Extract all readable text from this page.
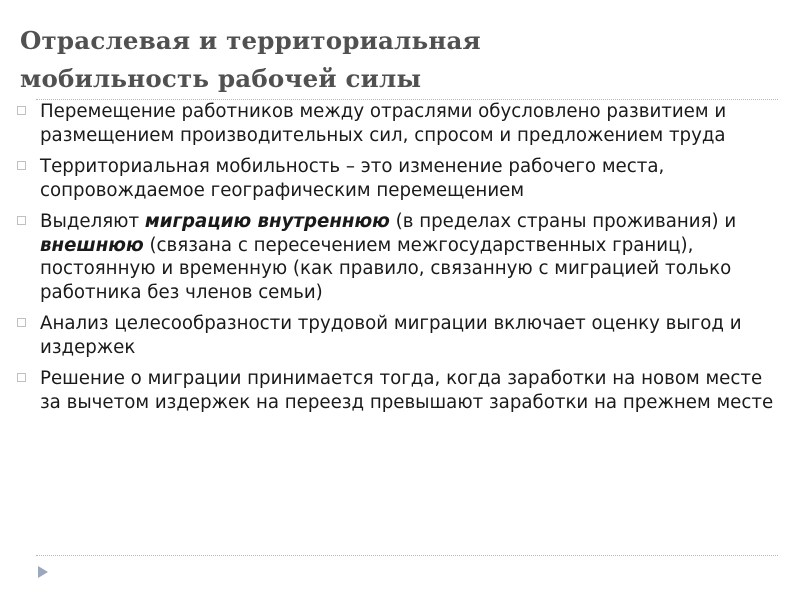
Отраслевая и территориальная
мобильность рабочей силы
Перемещение работников между отраслями обусловлено развитием и размещением производительных сил, спросом и предложением труда
Территориальная мобильность – это изменение рабочего места, сопровождаемое географическим перемещением
Выделяют миграцию внутреннюю (в пределах страны проживания) и внешнюю (связана с пересечением межгосударственных границ), постоянную и временную (как правило, связанную с миграцией только работника без членов семьи)
Анализ целесообразности трудовой миграции включает оценку выгод и издержек
Решение о миграции принимается тогда, когда заработки на новом месте за вычетом издержек на переезд превышают заработки на прежнем месте
